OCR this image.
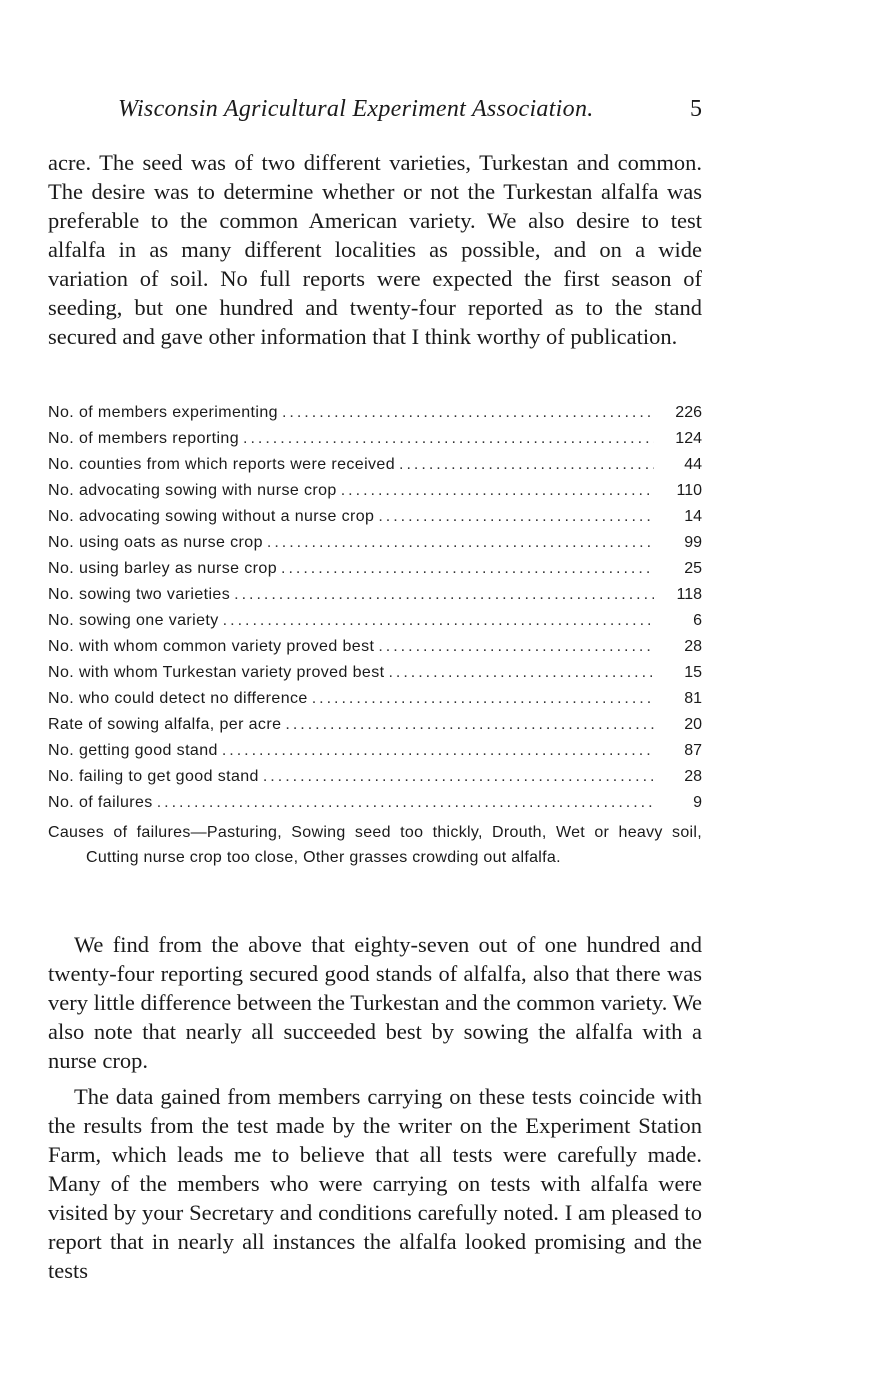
Wisconsin Agricultural Experiment Association.	5

acre. The seed was of two different varieties, Turkestan and common. The desire was to determine whether or not the Turkestan alfalfa was preferable to the common American variety. We also desire to test alfalfa in as many different localities as possible, and on a wide variation of soil. No full reports were expected the first season of seeding, but one hundred and twenty-four reported as to the stand secured and gave other information that I think worthy of publication.

No. of members experimenting .....	226
No. of members reporting .....	124
No. counties from which reports were received .....	44
No. advocating sowing with nurse crop .....	110
No. advocating sowing without a nurse crop .....	14
No. using oats as nurse crop .....	99
No. using barley as nurse crop .....	25
No. sowing two varieties .....	118
No. sowing one variety .....	6
No. with whom common variety proved best .....	28
No. with whom Turkestan variety proved best .....	15
No. who could detect no difference .....	81
Rate of sowing alfalfa, per acre .....	20
No. getting good stand .....	87
No. failing to get good stand .....	28
No. of failures .....	9

Causes of failures—Pasturing, Sowing seed too thickly, Drouth, Wet or heavy soil, Cutting nurse crop too close, Other grasses crowding out alfalfa.

We find from the above that eighty-seven out of one hundred and twenty-four reporting secured good stands of alfalfa, also that there was very little difference between the Turkestan and the common variety. We also note that nearly all succeeded best by sowing the alfalfa with a nurse crop.

The data gained from members carrying on these tests coincide with the results from the test made by the writer on the Experiment Station Farm, which leads me to believe that all tests were carefully made. Many of the members who were carrying on tests with alfalfa were visited by your Secretary and conditions carefully noted. I am pleased to report that in nearly all instances the alfalfa looked promising and the tests
